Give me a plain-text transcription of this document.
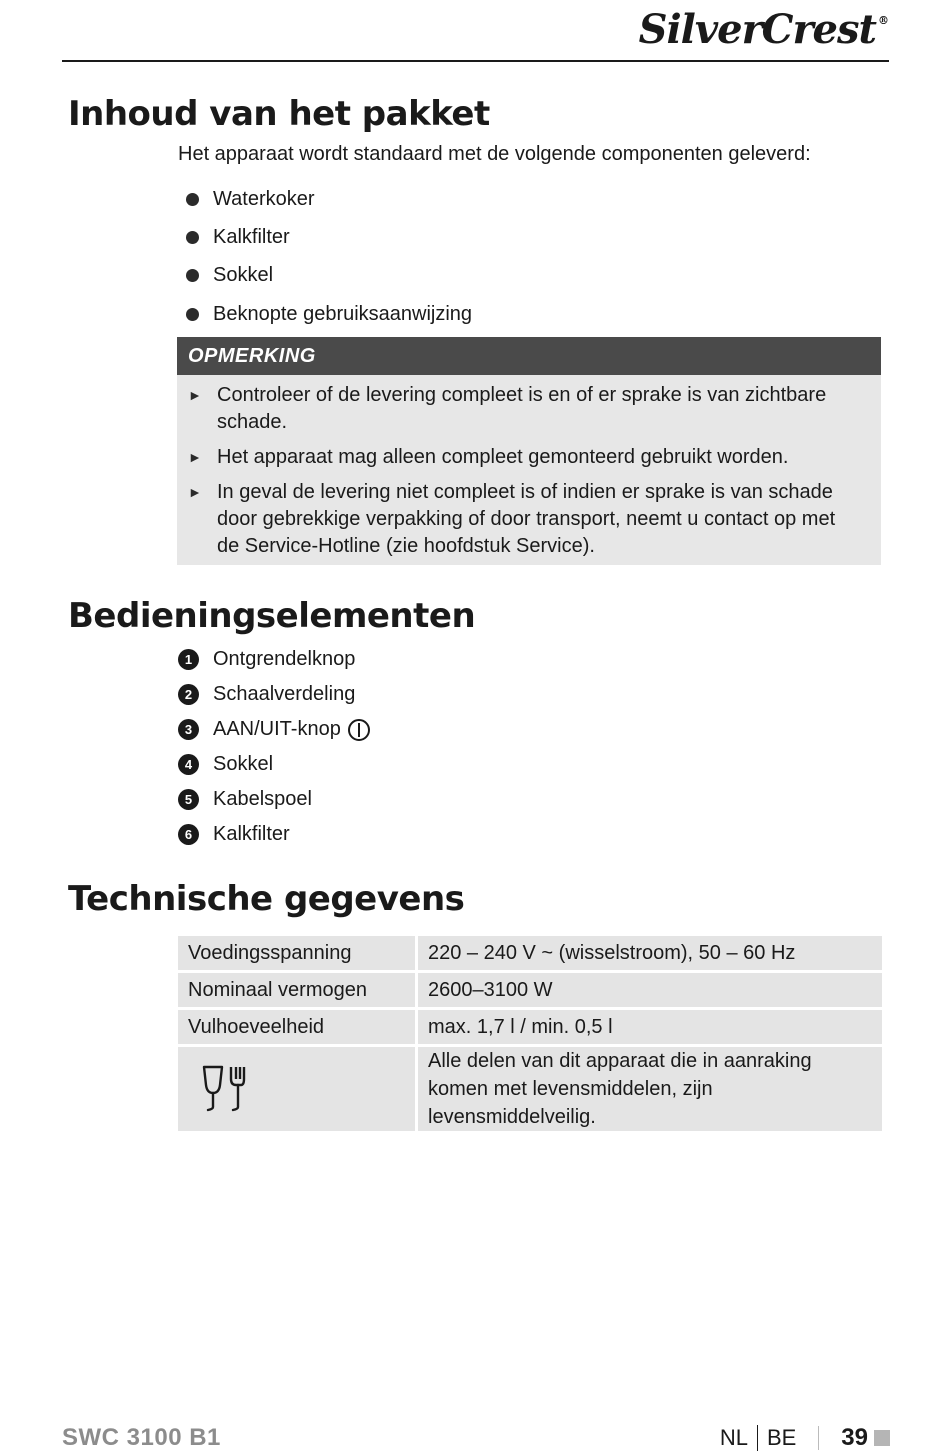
SilverCrest ®
Inhoud van het pakket
Het apparaat wordt standaard met de volgende componenten geleverd:
Waterkoker
Kalkfilter
Sokkel
Beknopte gebruiksaanwijzing
OPMERKING
► Controleer of de levering compleet is en of er sprake is van zichtbare schade.
► Het apparaat mag alleen compleet gemonteerd gebruikt worden.
► In geval de levering niet compleet is of indien er sprake is van schade door gebrekkige verpakking of door transport, neemt u contact op met de Service-Hotline (zie hoofdstuk Service).
Bedieningselementen
1	Ontgrendelknop
2	Schaalverdeling
3	AAN/UIT-knop
4	Sokkel
5	Kabelspoel
6	Kalkfilter
Technische gegevens
Voedingsspanning	220 – 240 V ~ (wisselstroom), 50 – 60 Hz
Nominaal vermogen	2600–3100 W
Vulhoeveelheid	max. 1,7 l / min. 0,5 l

	Alle delen van dit apparaat die in aanraking komen met levensmiddelen, zijn levensmiddelveilig.
SWC 3100 B1	NL BE 39
